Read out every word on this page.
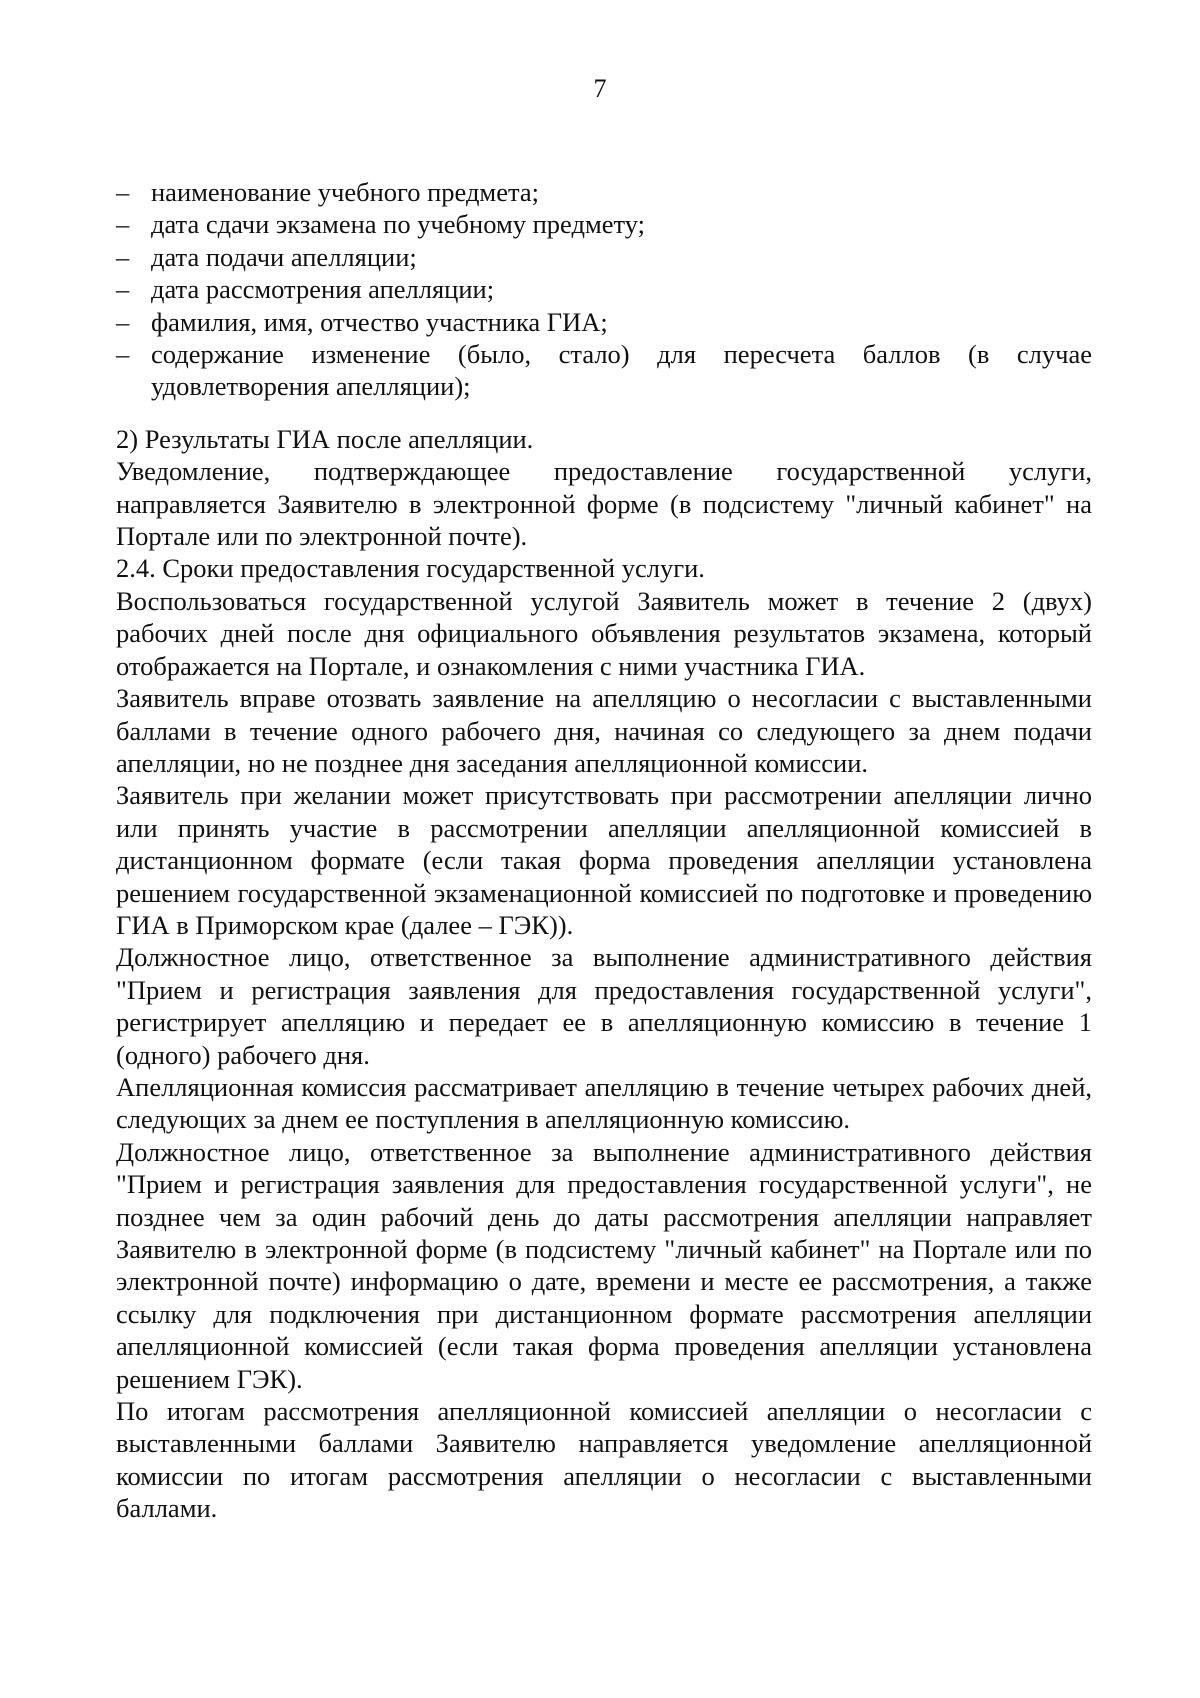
7
– наименование учебного предмета;
– дата сдачи экзамена по учебному предмету;
– дата подачи апелляции;
– дата рассмотрения апелляции;
– фамилия, имя, отчество участника ГИА;
– содержание изменение (было, стало) для пересчета баллов (в случае удовлетворения апелляции);

2) Результаты ГИА после апелляции.

Уведомление, подтверждающее предоставление государственной услуги, направляется Заявителю в электронной форме (в подсистему "личный кабинет" на Портале или по электронной почте).

2.4. Сроки предоставления государственной услуги.

Воспользоваться государственной услугой Заявитель может в течение 2 (двух) рабочих дней после дня официального объявления результатов экзамена, который отображается на Портале, и ознакомления с ними участника ГИА.

Заявитель вправе отозвать заявление на апелляцию о несогласии с выставленными баллами в течение одного рабочего дня, начиная со следующего за днем подачи апелляции, но не позднее дня заседания апелляционной комиссии.

Заявитель при желании может присутствовать при рассмотрении апелляции лично или принять участие в рассмотрении апелляции апелляционной комиссией в дистанционном формате (если такая форма проведения апелляции установлена решением государственной экзаменационной комиссией по подготовке и проведению ГИА в Приморском крае (далее – ГЭК)).

Должностное лицо, ответственное за выполнение административного действия "Прием и регистрация заявления для предоставления государственной услуги", регистрирует апелляцию и передает ее в апелляционную комиссию в течение 1 (одного) рабочего дня.

Апелляционная комиссия рассматривает апелляцию в течение четырех рабочих дней, следующих за днем ее поступления в апелляционную комиссию.

Должностное лицо, ответственное за выполнение административного действия "Прием и регистрация заявления для предоставления государственной услуги", не позднее чем за один рабочий день до даты рассмотрения апелляции направляет Заявителю в электронной форме (в подсистему "личный кабинет" на Портале или по электронной почте) информацию о дате, времени и месте ее рассмотрения, а также ссылку для подключения при дистанционном формате рассмотрения апелляции апелляционной комиссией (если такая форма проведения апелляции установлена решением ГЭК).

По итогам рассмотрения апелляционной комиссией апелляции о несогласии с выставленными баллами Заявителю направляется уведомление апелляционной комиссии по итогам рассмотрения апелляции о несогласии с выставленными баллами.
